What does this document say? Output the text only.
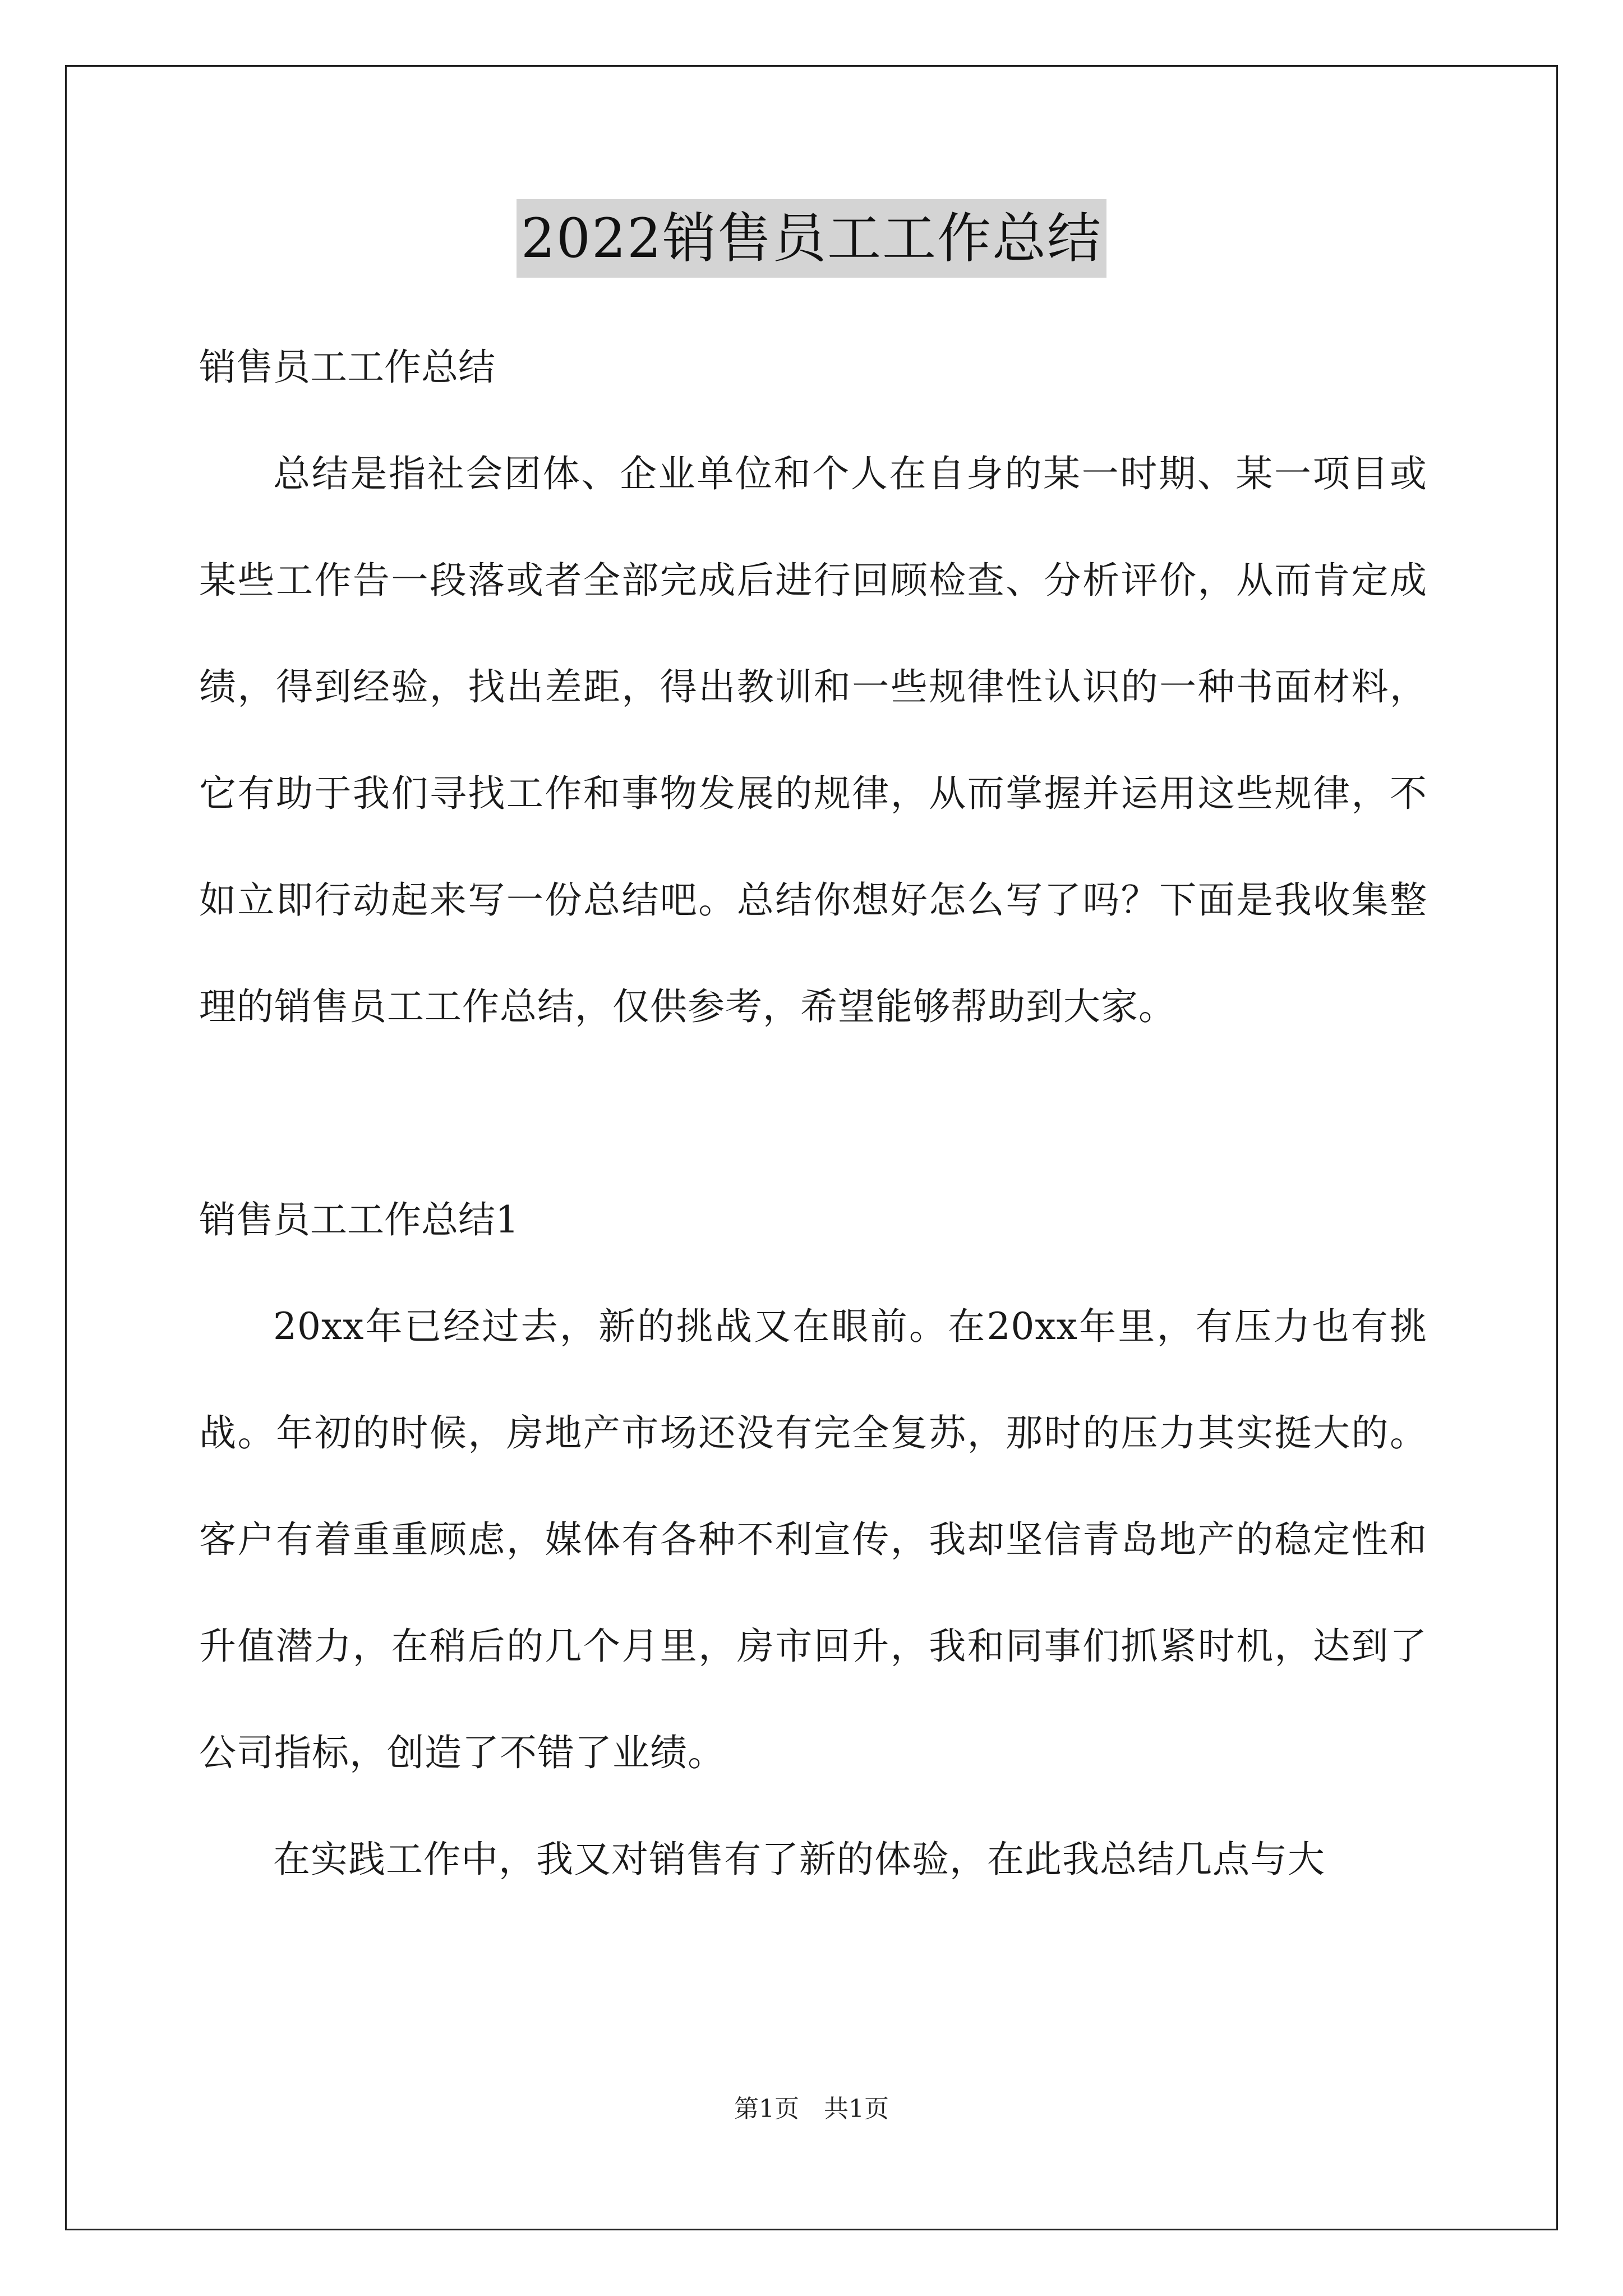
2022销售员工工作总结

销售员工工作总结

总结是指社会团体、企业单位和个人在自身的某一时期、某一项目或某些工作告一段落或者全部完成后进行回顾检查、分析评价，从而肯定成绩，得到经验，找出差距，得出教训和一些规律性认识的一种书面材料，它有助于我们寻找工作和事物发展的规律，从而掌握并运用这些规律，不如立即行动起来写一份总结吧。总结你想好怎么写了吗？下面是我收集整理的销售员工工作总结，仅供参考，希望能够帮助到大家。

销售员工工作总结1

20xx年已经过去，新的挑战又在眼前。在20xx年里，有压力也有挑战。年初的时候，房地产市场还没有完全复苏，那时的压力其实挺大的。客户有着重重顾虑，媒体有各种不利宣传，我却坚信青岛地产的稳定性和升值潜力，在稍后的几个月里，房市回升，我和同事们抓紧时机，达到了公司指标，创造了不错了业绩。

在实践工作中，我又对销售有了新的体验，在此我总结几点与大

第1页 共1页
